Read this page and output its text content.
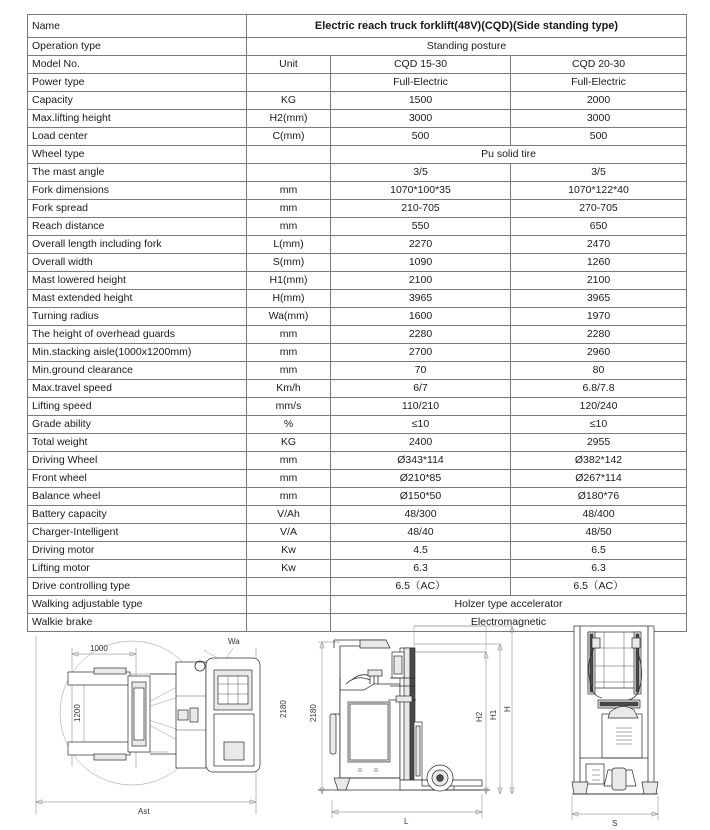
Name	Electric reach truck forklift(48V)(CQD)(Side standing type)		
Operation type	Standing posture		
Model No.	Unit	CQD 15-30	CQD 20-30
Power type		Full-Electric	Full-Electric
Capacity	KG	1500	2000
Max.lifting height	H2(mm)	3000	3000
Load center	C(mm)	500	500
Wheel type		Pu solid tire	
The mast angle		3/5	3/5
Fork dimensions	mm	1070*100*35	1070*122*40
Fork spread	mm	210-705	270-705
Reach distance	mm	550	650
Overall length including fork	L(mm)	2270	2470
Overall width	S(mm)	1090	1260
Mast lowered height	H1(mm)	2100	2100
Mast extended height	H(mm)	3965	3965
Turning radius	Wa(mm)	1600	1970
The height of overhead guards	mm	2280	2280
Min.stacking aisle(1000x1200mm)	mm	2700	2960
Min.ground clearance	mm	70	80
Max.travel speed	Km/h	6/7	6.8/7.8
Lifting speed	mm/s	110/210	120/240
Grade ability	%	≤10	≤10
Total weight	KG	2400	2955
Driving Wheel	mm	Ø343*114	Ø382*142
Front wheel	mm	Ø210*85	Ø267*114
Balance wheel	mm	Ø150*50	Ø180*76
Battery capacity	V/Ah	48/300	48/400
Charger-Intelligent	V/A	48/40	48/50
Driving motor	Kw	4.5	6.5
Lifting motor	Kw	6.3	6.3
Drive controlling type		6.5（AC）	6.5（AC）
Walking adjustable type		Holzer type accelerator	
Walkie brake		Electromagnetic	
1000
1200
Wa
Ast
2180	2180	H2 H1
H
L	S
